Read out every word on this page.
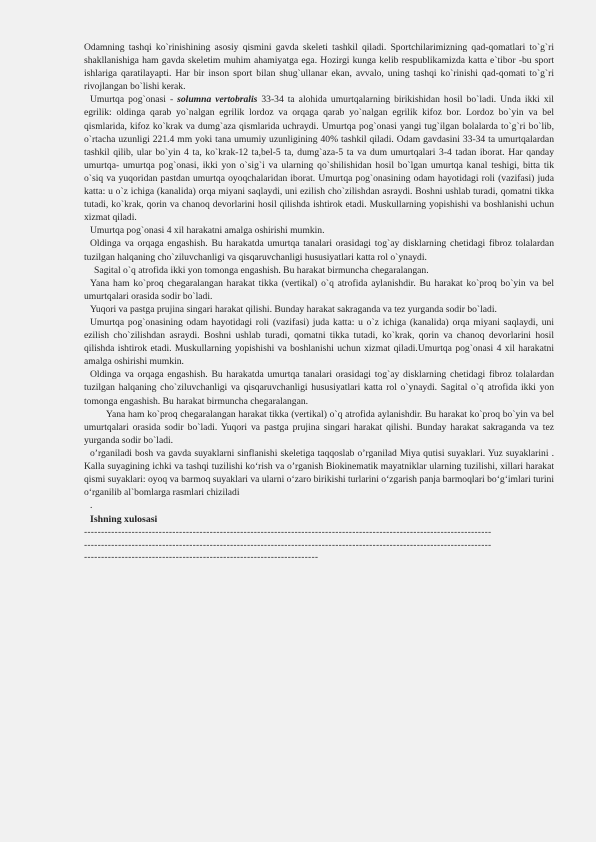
Odamning tashqi ko`rinishining asosiy qismini gavda skeleti tashkil qiladi. Sportchilarimizning qad-qomatlari to`g`ri shakllanishiga ham gavda skeletim muhim ahamiyatga ega. Hozirgi kunga kelib respublikamizda katta e`tibor -bu sport ishlariga qaratilayapti. Har bir inson sport bilan shug`ullanar ekan, avvalo, uning tashqi ko`rinishi qad-qomati to`g`ri rivojlangan bo`lishi kerak.

Umurtqa pog`onasi - solumna vertobralis 33-34 ta alohida umurtqalarning birikishidan hosil bo`ladi. Unda ikki xil egrilik: oldinga qarab yo`nalgan egrilik lordoz va orqaga qarab yo`nalgan egrilik kifoz bor. Lordoz bo`yin va bel qismlarida, kifoz ko`krak va dumg`aza qismlarida uchraydi. Umurtqa pog`onasi yangi tug`ilgan bolalarda to`g`ri bo`lib, o`rtacha uzunligi 221.4 mm yoki tana umumiy uzunligining 40% tashkil qiladi. Odam gavdasini 33-34 ta umurtqalardan tashkil qilib, ular bo`yin 4 ta, ko`krak-12 ta,bel-5 ta, dumg`aza-5 ta va dum umurtqalari 3-4 tadan iborat. Har qanday umurtqa- umurtqa pog`onasi, ikki yon o`sig`i va ularning qo`shilishidan hosil bo`lgan umurtqa kanal teshigi, bitta tik o`siq va yuqoridan pastdan umurtqa oyoqchalaridan iborat. Umurtqa pog`onasining odam hayotidagi roli (vazifasi) juda katta: u o`z ichiga (kanalida) orqa miyani saqlaydi, uni ezilish cho`zilishdan asraydi. Boshni ushlab turadi, qomatni tikka tutadi, ko`krak, qorin va chanoq devorlarini hosil qilishda ishtirok etadi. Muskullarning yopishishi va boshlanishi uchun xizmat qiladi.

Umurtqa pog`onasi 4 xil harakatni amalga oshirishi mumkin.

Oldinga va orqaga engashish. Bu harakatda umurtqa tanalari orasidagi tog`ay disklarning chetidagi fibroz tolalardan tuzilgan halqaning cho`ziluvchanligi va qisqaruvchanligi hususiyatlari katta rol o`ynaydi.

Sagital o`q atrofida ikki yon tomonga engashish. Bu harakat birmuncha chegaralangan.

Yana ham ko`proq chegaralangan harakat tikka (vertikal) o`q atrofida aylanishdir. Bu harakat ko`proq bo`yin va bel umurtqalari orasida sodir bo`ladi.

Yuqori va pastga prujina singari harakat qilishi. Bunday harakat sakraganda va tez yurganda sodir bo`ladi.

Umurtqa pog`onasining odam hayotidagi roli (vazifasi) juda katta: u o`z ichiga (kanalida) orqa miyani saqlaydi, uni ezilish cho`zilishdan asraydi. Boshni ushlab turadi, qomatni tikka tutadi, ko`krak, qorin va chanoq devorlarini hosil qilishda ishtirok etadi. Muskullarning yopishishi va boshlanishi uchun xizmat qiladi.Umurtqa pog`onasi 4 xil harakatni amalga oshirishi mumkin.

Oldinga va orqaga engashish. Bu harakatda umurtqa tanalari orasidagi tog`ay disklarning chetidagi fibroz tolalardan tuzilgan halqaning cho`ziluvchanligi va qisqaruvchanligi hususiyatlari katta rol o`ynaydi. Sagital o`q atrofida ikki yon tomonga engashish. Bu harakat birmuncha chegaralangan.

Yana ham ko`proq chegaralangan harakat tikka (vertikal) o`q atrofida aylanishdir. Bu harakat ko`proq bo`yin va bel umurtqalari orasida sodir bo`ladi. Yuqori va pastga prujina singari harakat qilishi. Bunday harakat sakraganda va tez yurganda sodir bo`ladi.

o’rganiladi bosh va gavda suyaklarni sinflanishi skeletiga taqqoslab o’rganilad Miya qutisi suyaklari. Yuz suyaklarini . Kalla suyagining ichki va tashqi tuzilishi ko‘rish va o’rganish Biokinematik mayatniklar ularning tuzilishi, xillari harakat qismi suyaklari: oyoq va barmoq suyaklari va ularni o‘zaro birikishi turlarini o‘zgarish panja barmoqlari bo‘g‘imlari turini o‘rganilib al`bomlarga rasmlari chiziladi

.

Ishning xulosasi

------------------------------------------------------------------------------------------------------------------------

------------------------------------------------------------------------------------------------------------------------

---------------------------------------------------------------------
